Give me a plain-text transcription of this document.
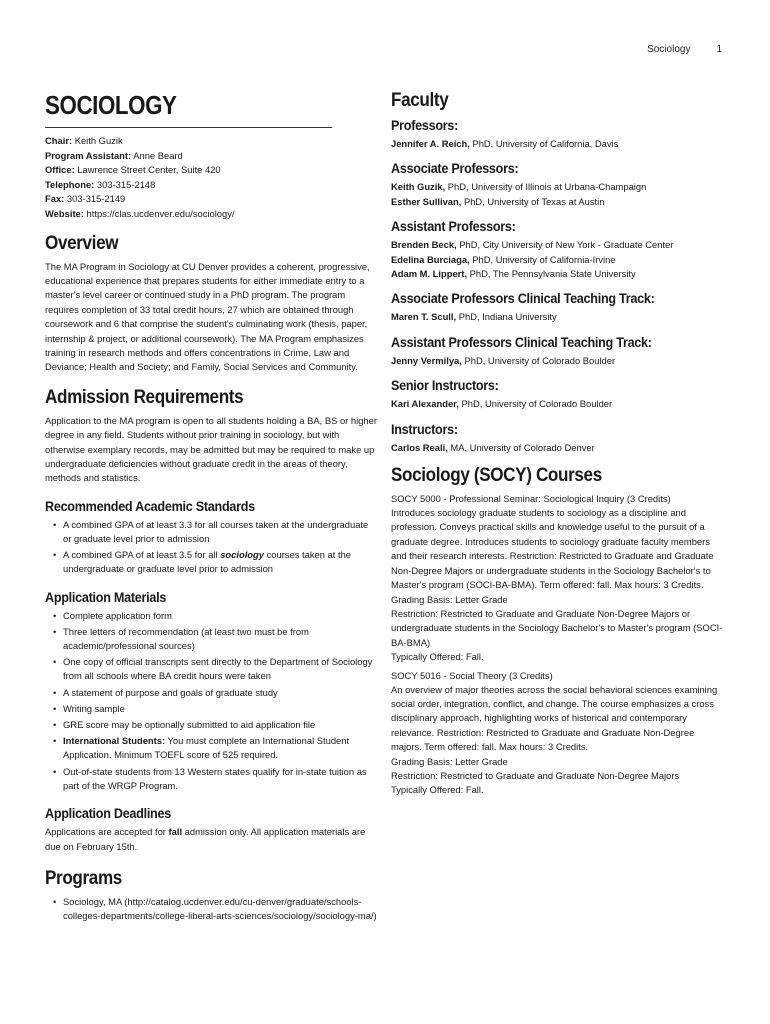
Sociology	1
SOCIOLOGY
Chair: Keith Guzik
Program Assistant: Anne Beard
Office: Lawrence Street Center, Suite 420
Telephone: 303-315-2148
Fax: 303-315-2149
Website: https://clas.ucdenver.edu/sociology/
Overview

The MA Program in Sociology at CU Denver provides a coherent, progressive, educational experience that prepares students for either immediate entry to a master's level career or continued study in a PhD program. The program requires completion of 33 total credit hours, 27 which are obtained through coursework and 6 that comprise the student's culminating work (thesis, paper, internship & project, or additional coursework). The MA Program emphasizes training in research methods and offers concentrations in Crime, Law and Deviance; Health and Society; and Family, Social Services and Community.

Admission Requirements

Application to the MA program is open to all students holding a BA, BS or higher degree in any field. Students without prior training in sociology, but with otherwise exemplary records, may be admitted but may be required to make up undergraduate deficiencies without graduate credit in the areas of theory, methods and statistics.

Recommended Academic Standards
• A combined GPA of at least 3.3 for all courses taken at the undergraduate or graduate level prior to admission
• A combined GPA of at least 3.5 for all sociology courses taken at the undergraduate or graduate level prior to admission
Application Materials
• Complete application form
• Three letters of recommendation (at least two must be from academic/professional sources)
• One copy of official transcripts sent directly to the Department of Sociology from all schools where BA credit hours were taken
• A statement of purpose and goals of graduate study
• Writing sample
• GRE score may be optionally submitted to aid application file
• International Students: You must complete an International Student Application. Minimum TOEFL score of 525 required.
• Out-of-state students from 13 Western states qualify for in-state tuition as part of the WRGP Program.
Application Deadlines

Applications are accepted for fall admission only. All application materials are due on February 15th.

Programs
• Sociology, MA (http://catalog.ucdenver.edu/cu-denver/graduate/schools-colleges-departments/college-liberal-arts-sciences/sociology/sociology-ma/)
Faculty
Professors:
Jennifer A. Reich, PhD, University of California, Davis
Associate Professors:
Keith Guzik, PhD, University of Illinois at Urbana-Champaign
Esther Sullivan, PhD, University of Texas at Austin
Assistant Professors:
Brenden Beck, PhD, City University of New York - Graduate Center
Edelina Burciaga, PhD, University of California-Irvine
Adam M. Lippert, PhD, The Pennsylvania State University
Associate Professors Clinical Teaching Track:
Maren T. Scull, PhD, Indiana University
Assistant Professors Clinical Teaching Track:
Jenny Vermilya, PhD, University of Colorado Boulder
Senior Instructors:
Kari Alexander, PhD, University of Colorado Boulder
Instructors:
Carlos Reali, MA, University of Colorado Denver
Sociology (SOCY) Courses
SOCY 5000 - Professional Seminar: Sociological Inquiry (3 Credits)

Introduces sociology graduate students to sociology as a discipline and profession. Conveys practical skills and knowledge useful to the pursuit of a graduate degree. Introduces students to sociology graduate faculty members and their research interests. Restriction: Restricted to Graduate and Graduate Non-Degree Majors or undergraduate students in the Sociology Bachelor's to Master's program (SOCI-BA-BMA). Term offered: fall. Max hours: 3 Credits.

Grading Basis: Letter Grade

Restriction: Restricted to Graduate and Graduate Non-Degree Majors or undergraduate students in the Sociology Bachelor's to Master's program (SOCI-BA-BMA)

Typically Offered: Fall.

SOCY 5016 - Social Theory (3 Credits)

An overview of major theories across the social behavioral sciences examining social order, integration, conflict, and change. The course emphasizes a cross disciplinary approach, highlighting works of historical and contemporary relevance. Restriction: Restricted to Graduate and Graduate Non-Degree majors. Term offered: fall. Max hours: 3 Credits.

Grading Basis: Letter Grade

Restriction: Restricted to Graduate and Graduate Non-Degree Majors

Typically Offered: Fall.
